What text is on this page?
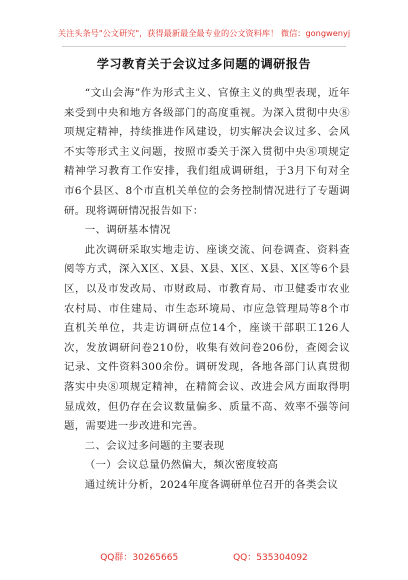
关注头条号"公文研究"，获得最新最全最专业的公文资料库！ 微信：gongwenyj
学习教育关于会议过多问题的调研报告

“文山会海”作为形式主义、官僚主义的典型表现，近年来受到中央和地方各级部门的高度重视。为深入贯彻中央⑧项规定精神，持续推进作风建设，切实解决会议过多、会风不实等形式主义问题，按照市委关于深入贯彻中央⑧项规定精神学习教育工作安排，我们组成调研组，于3月下旬对全市6个县区、8个市直机关单位的会务控制情况进行了专题调研。现将调研情况报告如下：

一、调研基本情况

此次调研采取实地走访、座谈交流、问卷调查、资料查阅等方式，深入X区、X县、X县、X区、X县、X区等6个县区，以及市发改局、市财政局、市教育局、市卫健委市农业农村局、市住建局、市生态环境局、市应急管理局等8个市直机关单位，共走访调研点位14个，座谈干部职工126人次，发放调研问卷210份，收集有效问卷206份，查阅会议记录、文件资料300余份。调研发现，各地各部门认真贯彻落实中央⑧项规定精神，在精简会议、改进会风方面取得明显成效，但仍存在会议数量偏多、质量不高、效率不强等问题，需要进一步改进和完善。

二、会议过多问题的主要表现

（一）会议总量仍然偏大，频次密度较高

通过统计分析，2024年度各调研单位召开的各类会议

QQ群：30265665	QQ：535304092
